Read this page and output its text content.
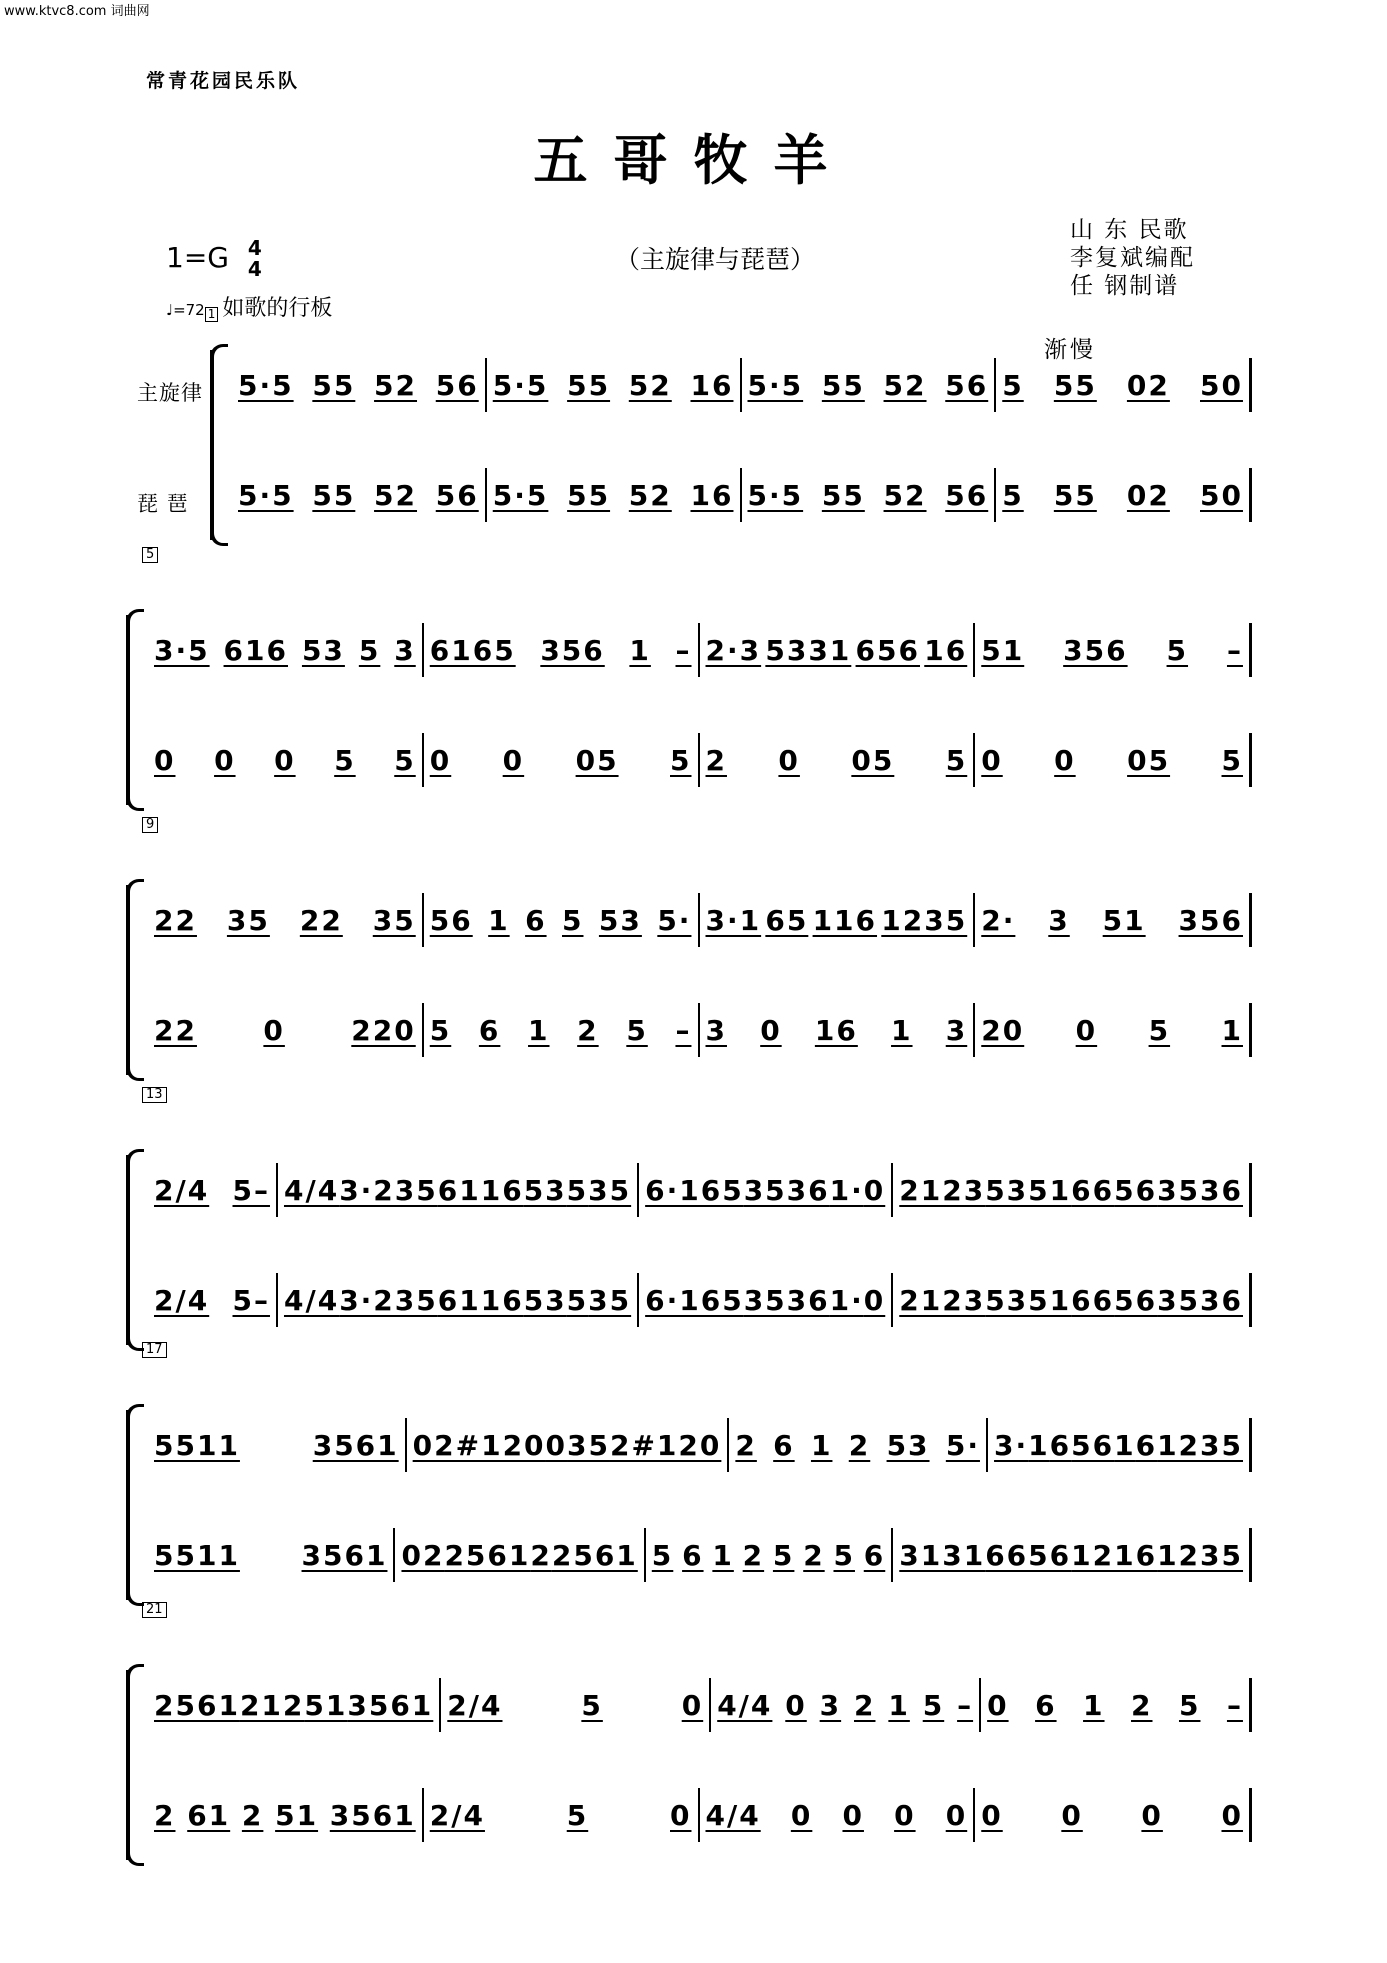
www.ktvc8.com 词曲网
常青花园民乐队
五哥牧羊
1=G 4
4	（主旋律与琵琶）
山 东 民歌
李复斌编配
任 钢制谱
♩=72 1 如歌的行板
渐慢
主旋律
琵 琶
5·5 55 52 56 5·5 55 52 16 5·5 55 52 56 5 55 02 50
5·5 55 52 56 5·5 55 52 16 5·5 55 52 56 5 55 02 50
5
3·5 616 53 5 3 6165 356 1 – 2·3 5331 656 16 51 356 5 –
0 0 0 5 5 0 0 05 5 2 0 05 5 0 0 05 5
9
22 35 22 35 56 1 6 5 53 5· 3·1 65 116 1235 2· 3 51 356
22 0 220 5 6 1 2 5 – 3 0 16 1 3 20 0 5 1
13
2/4 5– 4/4 3·235 6116 53 5 35 6·165 3536 1· 0 2123 5351 66 56 3536
2/4 5– 4/4 3·235 6116 53 5 35 6·165 3536 1· 0 2123 5351 66 56 3536
17
5511	3561 02#120 0 35 2#120 2 6 1 2 53 5· 3· 1 6 56 1 6 1235
5511 3561 02 2561 2 2561 5 6 1 2 5 2 5 6 3131 6656 1216 1235
21
2561 212 51 3561 2/4	5	0 4/4 0 3 2 1 5 – 0 6 1 2 5 –
2 61 2 51 3561 2/4	5	0 4/4 0 0 0 0 0 0 0 0
